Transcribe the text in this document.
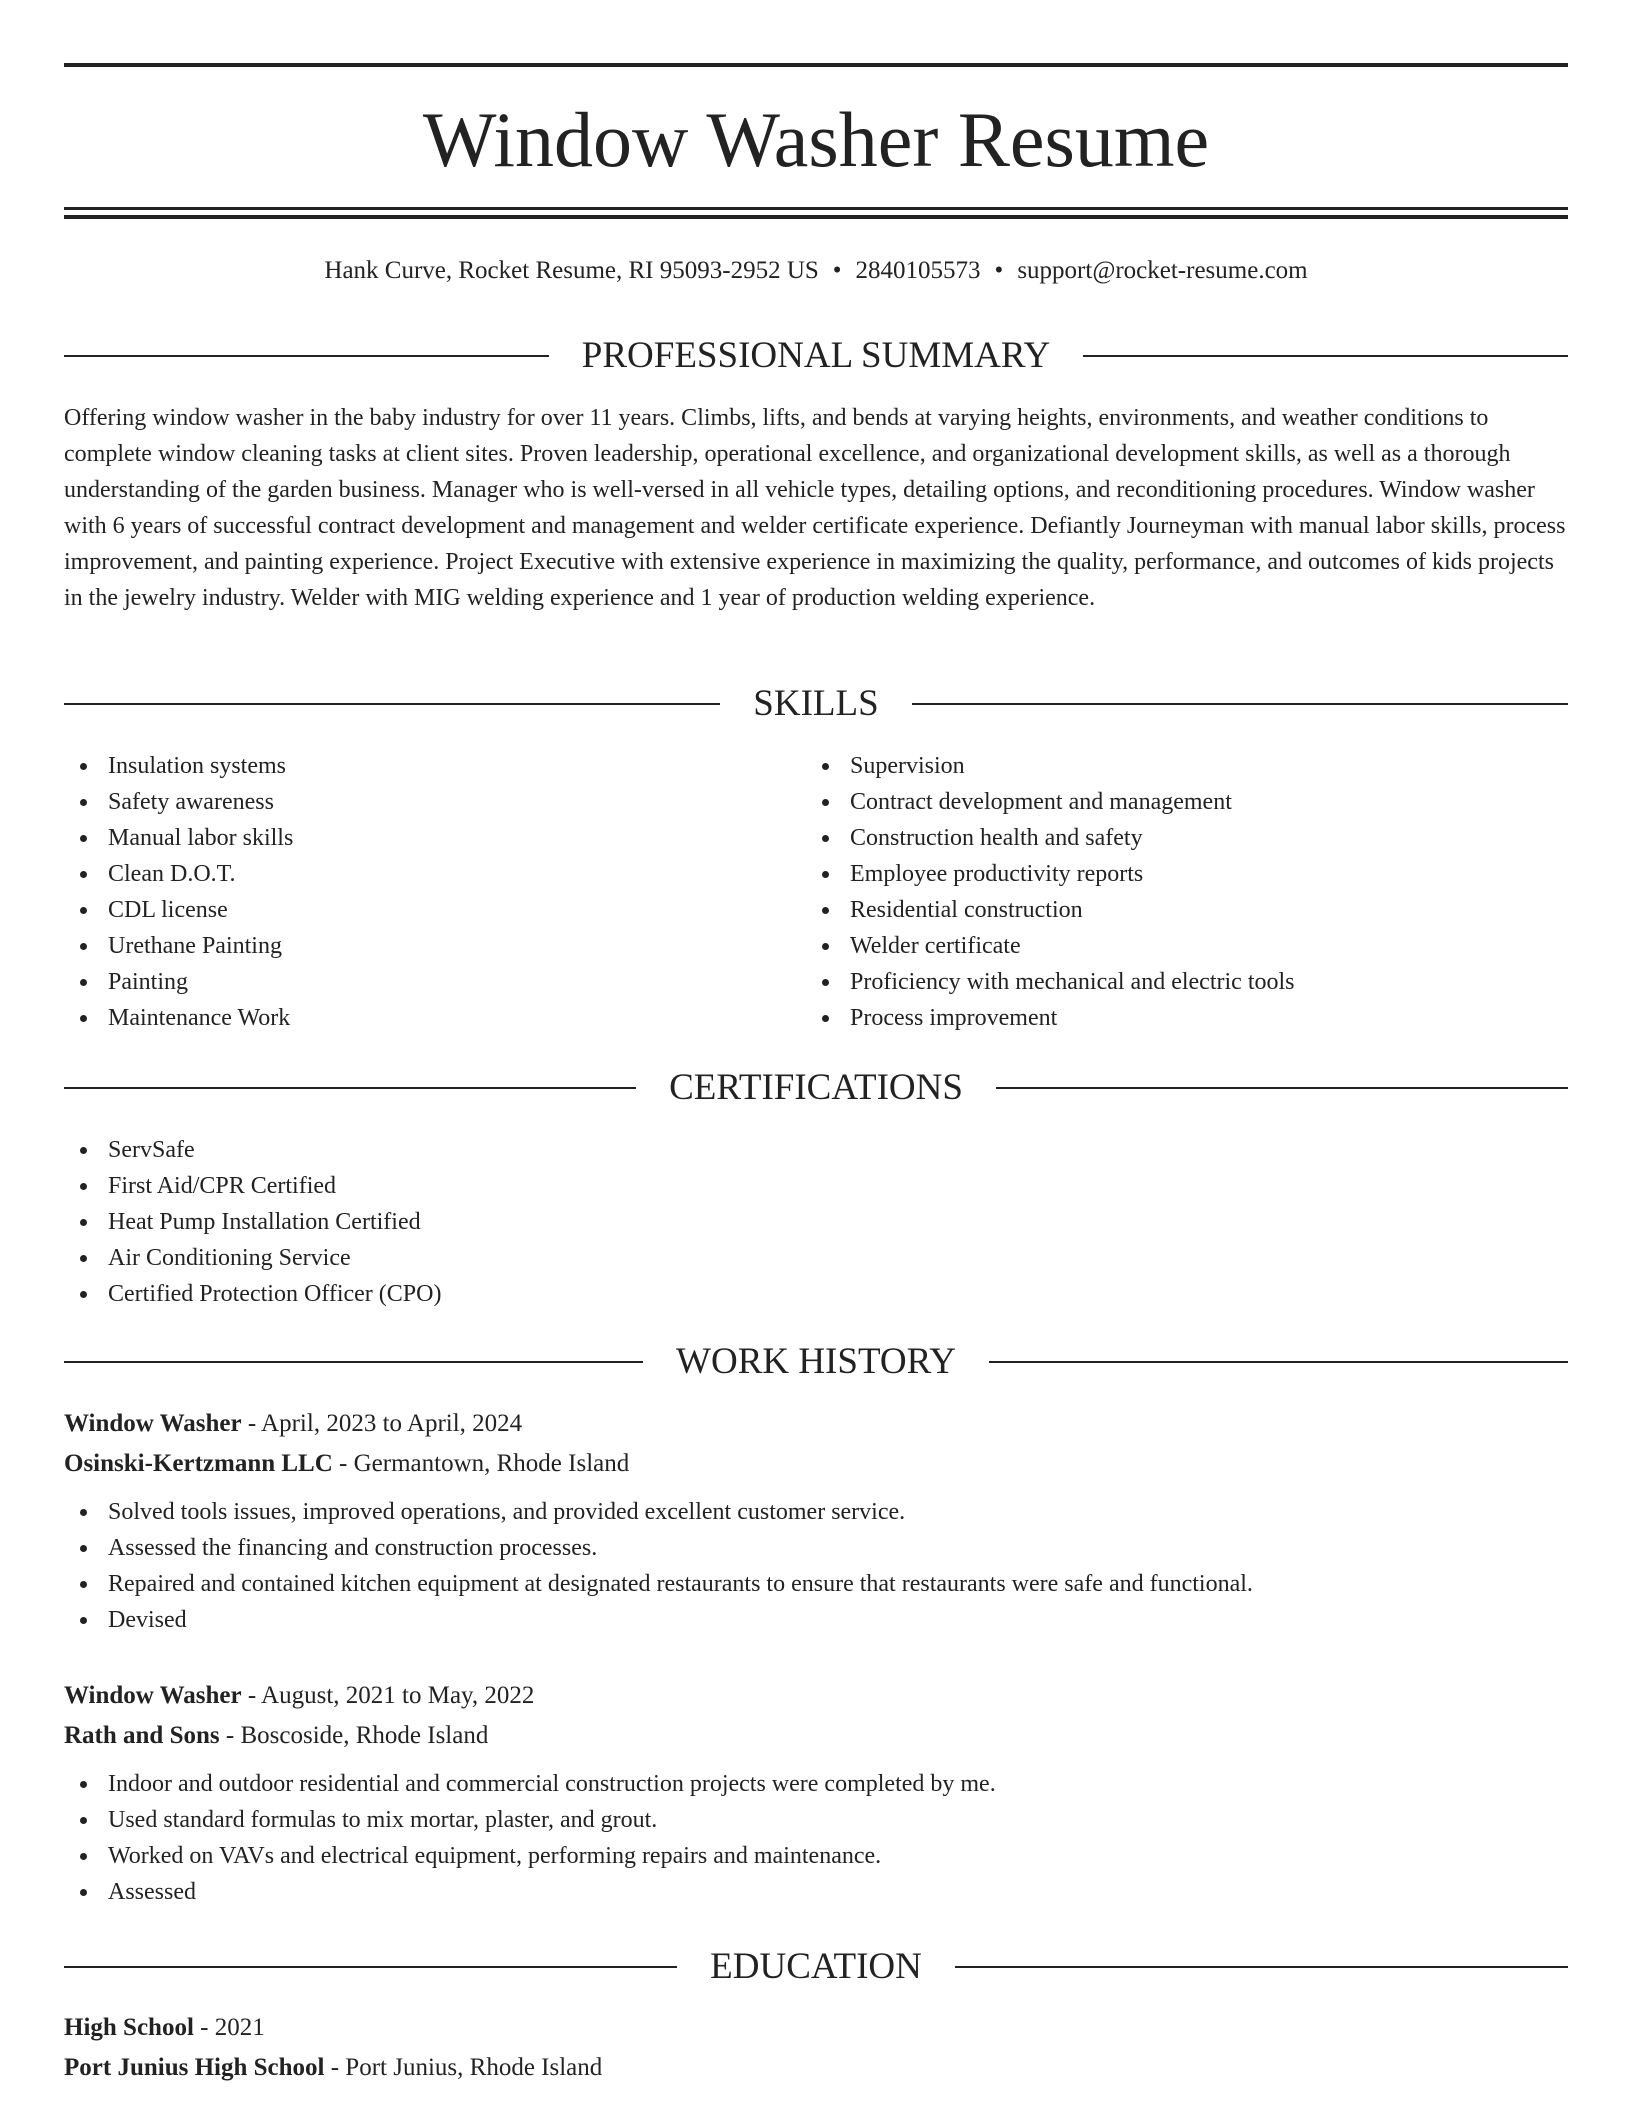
Window Washer Resume
Hank Curve, Rocket Resume, RI 95093-2952 US • 2840105573 • support@rocket-resume.com
PROFESSIONAL SUMMARY

Offering window washer in the baby industry for over 11 years. Climbs, lifts, and bends at varying heights, environments, and weather conditions to complete window cleaning tasks at client sites. Proven leadership, operational excellence, and organizational development skills, as well as a thorough understanding of the garden business. Manager who is well-versed in all vehicle types, detailing options, and reconditioning procedures. Window washer with 6 years of successful contract development and management and welder certificate experience. Defiantly Journeyman with manual labor skills, process improvement, and painting experience. Project Executive with extensive experience in maximizing the quality, performance, and outcomes of kids projects in the jewelry industry. Welder with MIG welding experience and 1 year of production welding experience.

SKILLS
Insulation systems
Safety awareness
Manual labor skills
Clean D.O.T.
CDL license
Urethane Painting
Painting
Maintenance Work
Supervision
Contract development and management
Construction health and safety
Employee productivity reports
Residential construction
Welder certificate
Proficiency with mechanical and electric tools
Process improvement
CERTIFICATIONS
ServSafe
First Aid/CPR Certified
Heat Pump Installation Certified
Air Conditioning Service
Certified Protection Officer (CPO)
WORK HISTORY
Window Washer - April, 2023 to April, 2024
Osinski-Kertzmann LLC - Germantown, Rhode Island
Solved tools issues, improved operations, and provided excellent customer service.
Assessed the financing and construction processes.
Repaired and contained kitchen equipment at designated restaurants to ensure that restaurants were safe and functional.
Devised
Window Washer - August, 2021 to May, 2022
Rath and Sons - Boscoside, Rhode Island
Indoor and outdoor residential and commercial construction projects were completed by me.
Used standard formulas to mix mortar, plaster, and grout.
Worked on VAVs and electrical equipment, performing repairs and maintenance.
Assessed
EDUCATION
High School - 2021
Port Junius High School - Port Junius, Rhode Island
